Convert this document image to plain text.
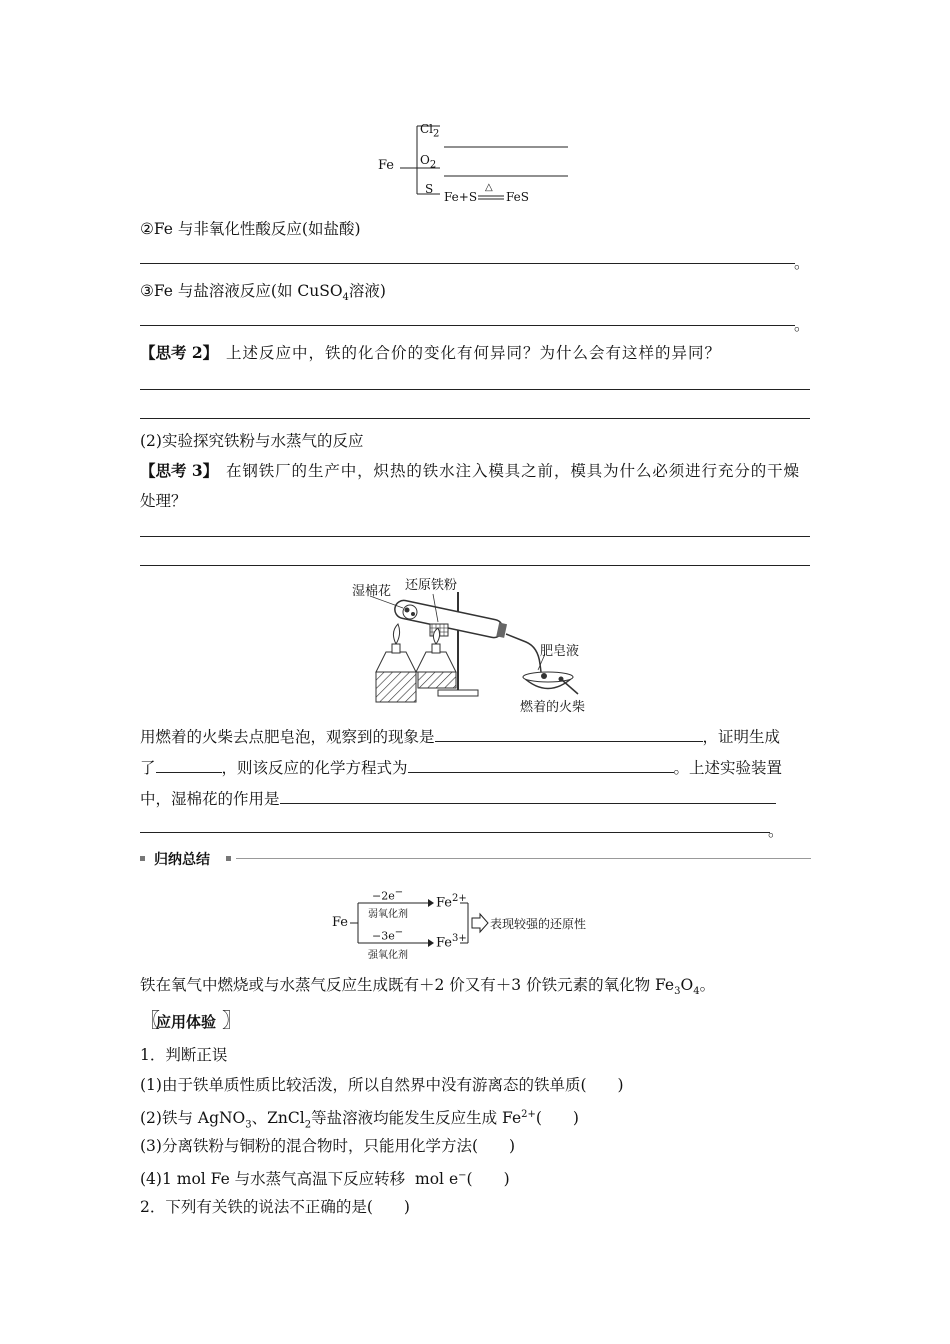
Fe
$Cl_2$
$O_2$
S
Fe+S
△
FeS
②Fe 与非氧化性酸反应(如盐酸)
。
③Fe 与盐溶液反应(如 CuSO$_4$溶液)
。
【思考 2】　 上述反应中，铁的化合价的变化有何异同？为什么会有这样的异同？
(2)实验探究铁粉与水蒸气的反应
【思考 3】　 在钢铁厂的生产中，炽热的铁水注入模具之前，模具为什么必须进行充分的干燥
处理？
湿棉花 还原铁粉
肥皂液
燃着的火柴
用燃着的火柴去点肥皂泡，观察到的现象是	，证明生成
了	，则该反应的化学方程式为	。上述实验装置
中，湿棉花的作用是
。
归纳总结
Fe
−2e−
弱氧化剂
$Fe^{2+}$
−3e−
强氧化剂
$Fe^{3+}$
表现较强的还原性
铁在氧气中燃烧或与水蒸气反应生成既有＋2 价又有＋3 价铁元素的氧化物 $Fe_3O_4$。
〖
应用体验 〗
1．判断正误
(1)由于铁单质性质比较活泼，所以自然界中没有游离态的铁单质(　　)
(2)铁与 AgNO$_3$、ZnCl$_2$等盐溶液均能发生反应生成 $Fe^{2+}$(　　)
(3)分离铁粉与铜粉的混合物时，只能用化学方法(　　)
(4)1 mol Fe 与水蒸气高温下反应转移 mol e−(　　)
2．下列有关铁的说法不正确的是(　　)
